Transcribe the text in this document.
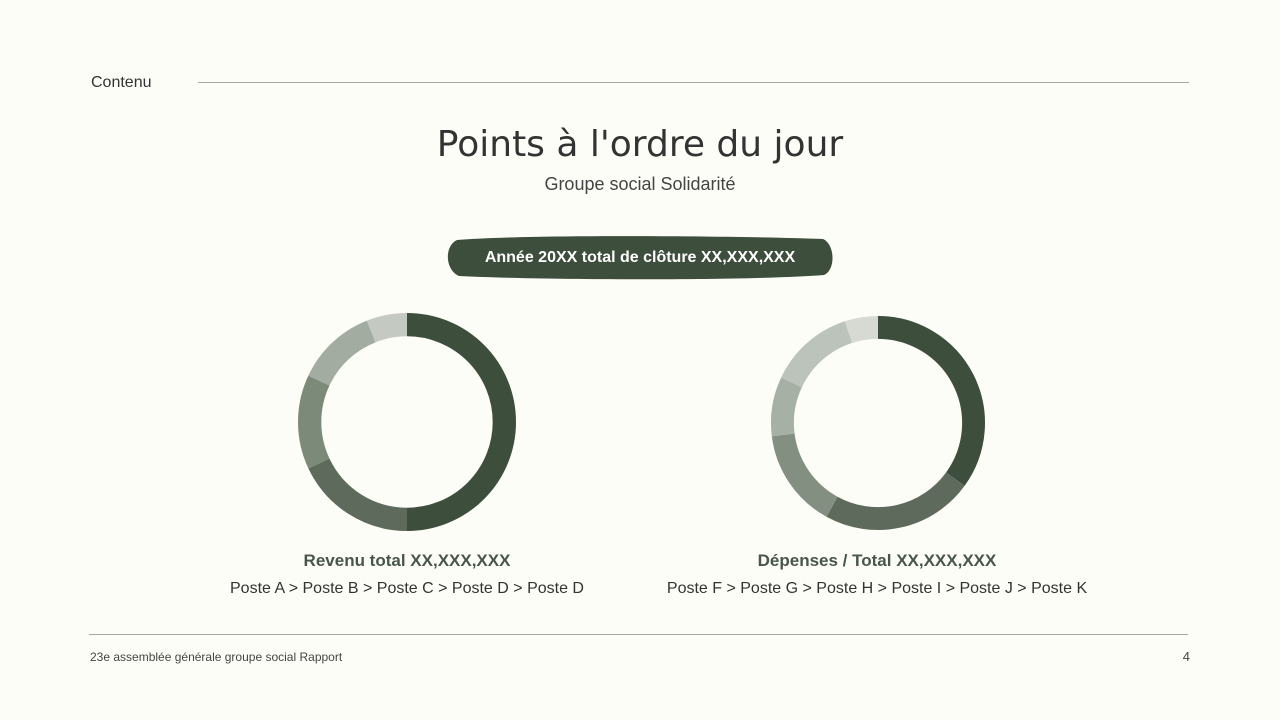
Contenu
Points à l'ordre du jour
Groupe social Solidarité
Année 20XX total de clôture XX,XXX,XXX
Revenu total XX,XXX,XXX
Poste A > Poste B > Poste C > Poste D > Poste D
Dépenses / Total XX,XXX,XXX
Poste F > Poste G > Poste H > Poste I > Poste J > Poste K
23e assemblée générale groupe social Rapport	4
